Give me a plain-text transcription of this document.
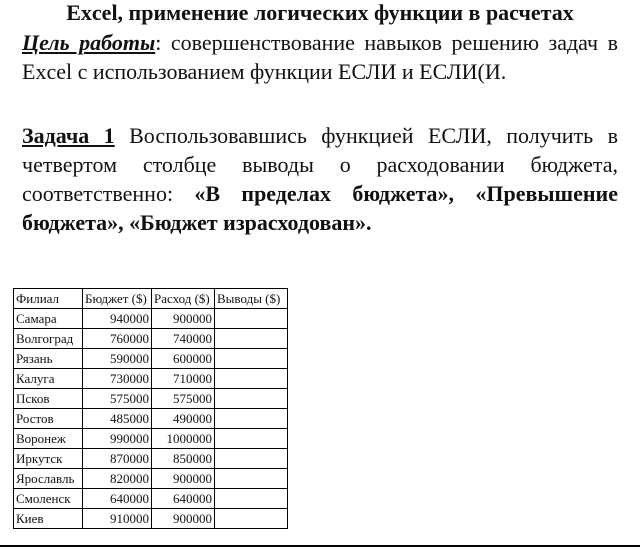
Excel, применение логических функции в расчетах
Цель работы: совершенствование навыков решению задач в Excel с использованием функции ЕСЛИ и ЕСЛИ(И.
Задача 1 Воспользовавшись функцией ЕСЛИ, получить в четвертом столбце выводы о расходовании бюджета, соответственно: «В пределах бюджета», «Превышение бюджета», «Бюджет израсходован».
Филиал	Бюджет ($)	Расход ($)	Выводы ($)
Самара	940000	900000	
Волгоград	760000	740000	
Рязань	590000	600000	
Калуга	730000	710000	
Псков	575000	575000	
Ростов	485000	490000	
Воронеж	990000	1000000	
Иркутск	870000	850000	
Ярославль	820000	900000	
Смоленск	640000	640000	
Киев	910000	900000	
